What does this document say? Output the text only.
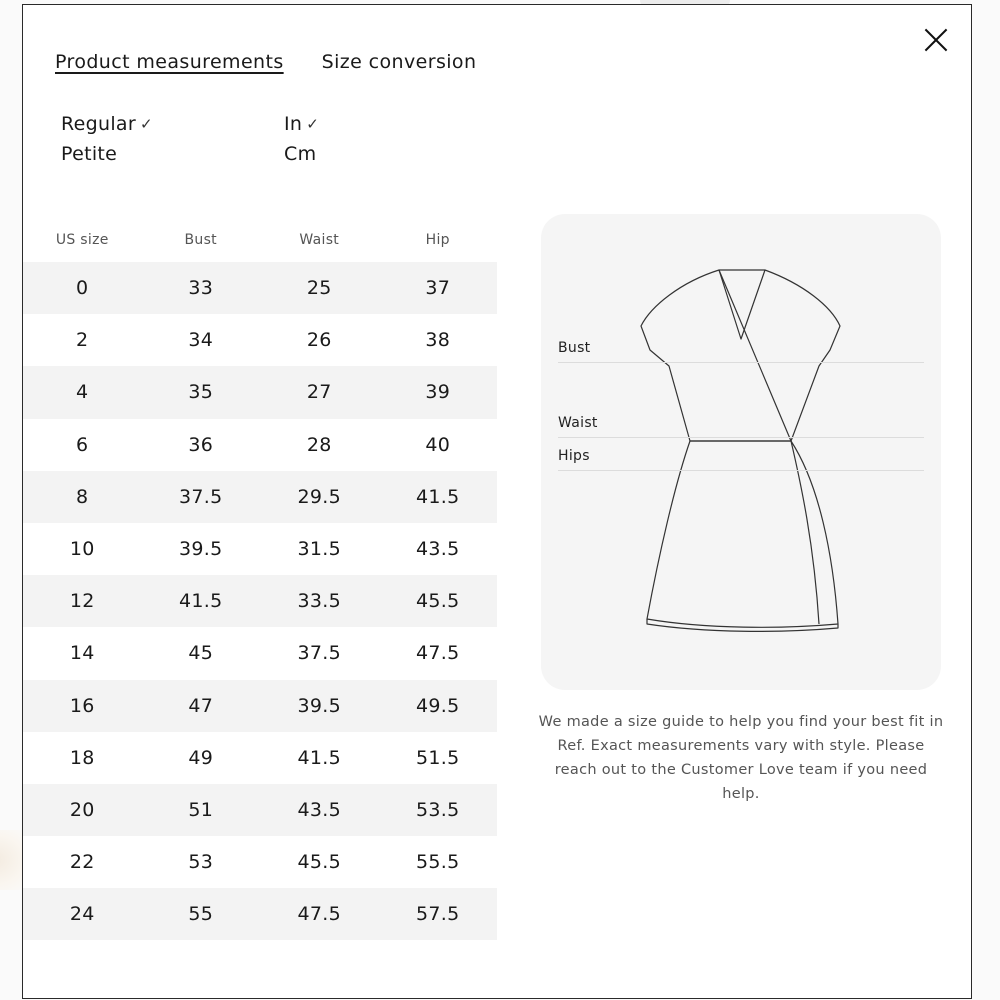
Product measurements Size conversion
Regular ✓
Petite
In ✓
Cm
US size	Bust	Waist	Hip
0	33	25	37
2	34	26	38
4	35	27	39
6	36	28	40
8	37.5	29.5	41.5
10	39.5	31.5	43.5
12	41.5	33.5	45.5
14	45	37.5	47.5
16	47	39.5	49.5
18	49	41.5	51.5
20	51	43.5	53.5
22	53	45.5	55.5
24	55	47.5	57.5
Bust
Waist
Hips

We made a size guide to help you find your best fit in Ref. Exact measurements vary with style. Please reach out to the Customer Love team if you need help.
